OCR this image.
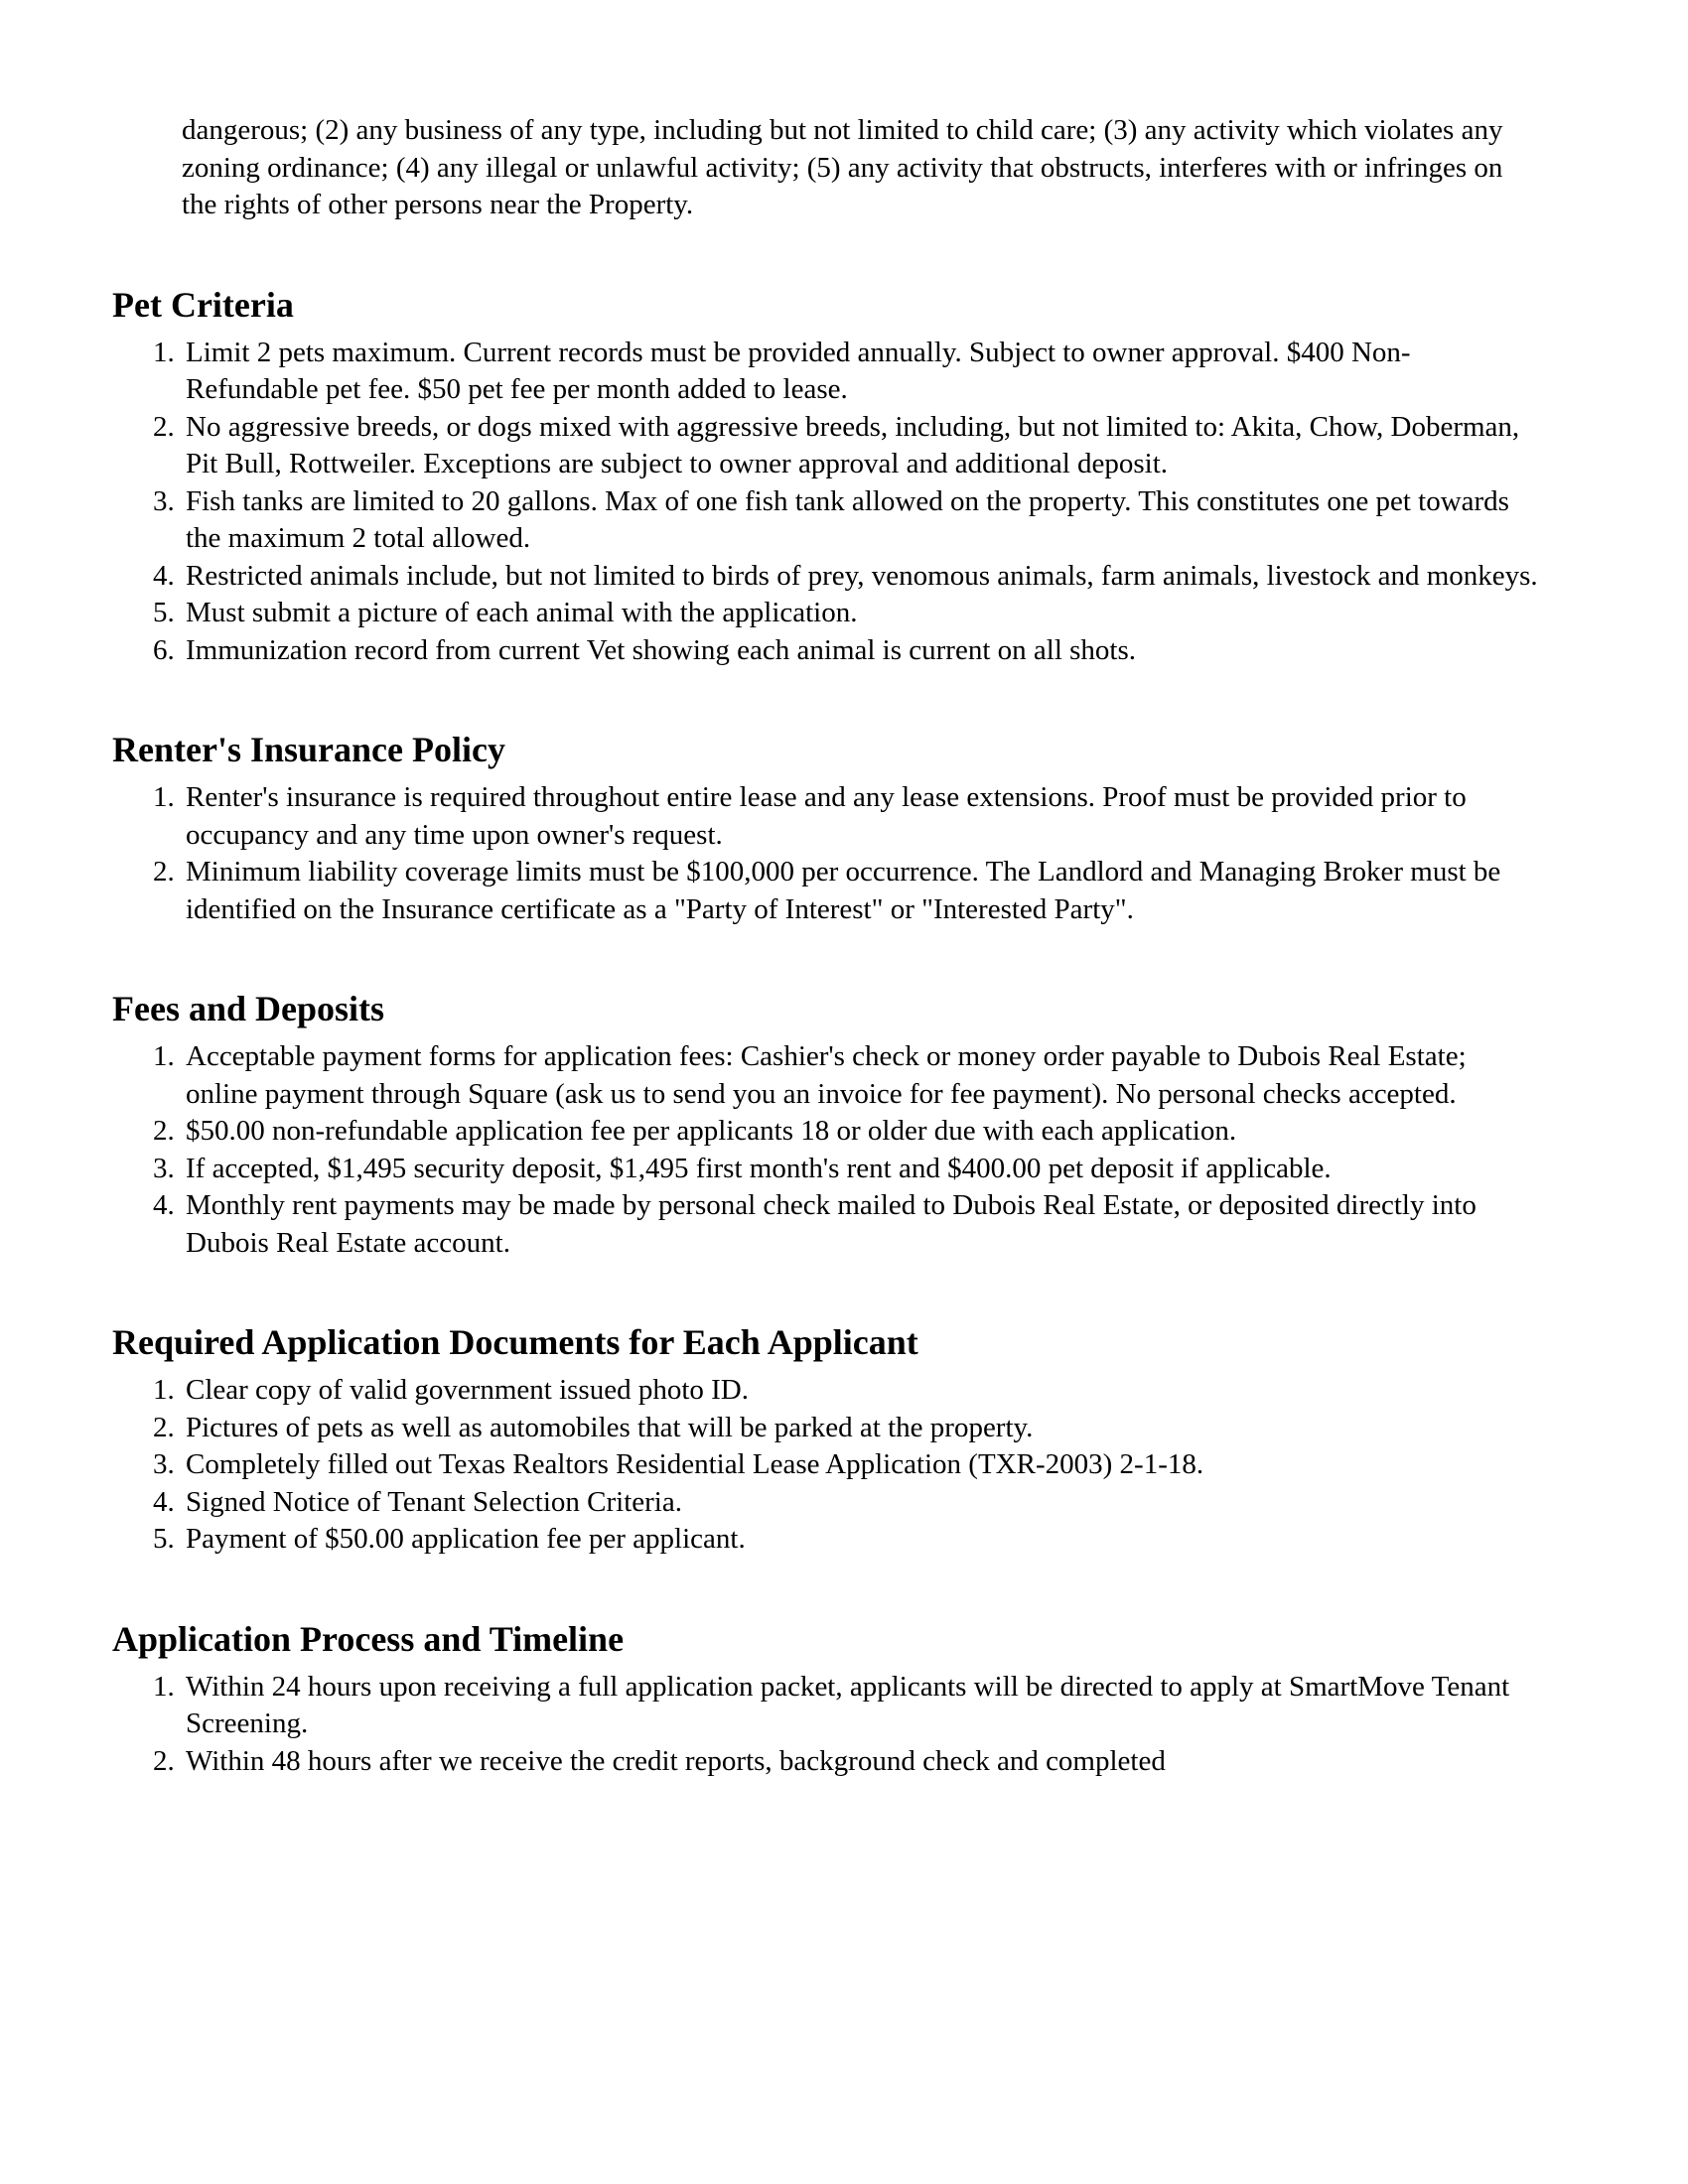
dangerous; (2) any business of any type, including but not limited to child care; (3) any activity which violates any zoning ordinance; (4) any illegal or unlawful activity; (5) any activity that obstructs, interferes with or infringes on the rights of other persons near the Property.

Pet Criteria
1. Limit 2 pets maximum. Current records must be provided annually. Subject to owner approval. $400 Non-Refundable pet fee. $50 pet fee per month added to lease.
2. No aggressive breeds, or dogs mixed with aggressive breeds, including, but not limited to: Akita, Chow, Doberman, Pit Bull, Rottweiler. Exceptions are subject to owner approval and additional deposit.
3. Fish tanks are limited to 20 gallons. Max of one fish tank allowed on the property. This constitutes one pet towards the maximum 2 total allowed.
4. Restricted animals include, but not limited to birds of prey, venomous animals, farm animals, livestock and monkeys.
5. Must submit a picture of each animal with the application.
6. Immunization record from current Vet showing each animal is current on all shots.
Renter's Insurance Policy
1. Renter's insurance is required throughout entire lease and any lease extensions. Proof must be provided prior to occupancy and any time upon owner's request.
2. Minimum liability coverage limits must be $100,000 per occurrence. The Landlord and Managing Broker must be identified on the Insurance certificate as a "Party of Interest" or "Interested Party".
Fees and Deposits
1. Acceptable payment forms for application fees: Cashier's check or money order payable to Dubois Real Estate; online payment through Square (ask us to send you an invoice for fee payment). No personal checks accepted.
2. $50.00 non-refundable application fee per applicants 18 or older due with each application.
3. If accepted, $1,495 security deposit, $1,495 first month's rent and $400.00 pet deposit if applicable.
4. Monthly rent payments may be made by personal check mailed to Dubois Real Estate, or deposited directly into Dubois Real Estate account.
Required Application Documents for Each Applicant
1. Clear copy of valid government issued photo ID.
2. Pictures of pets as well as automobiles that will be parked at the property.
3. Completely filled out Texas Realtors Residential Lease Application (TXR-2003) 2-1-18.
4. Signed Notice of Tenant Selection Criteria.
5. Payment of $50.00 application fee per applicant.
Application Process and Timeline
1. Within 24 hours upon receiving a full application packet, applicants will be directed to apply at SmartMove Tenant Screening.
2. Within 48 hours after we receive the credit reports, background check and completed
